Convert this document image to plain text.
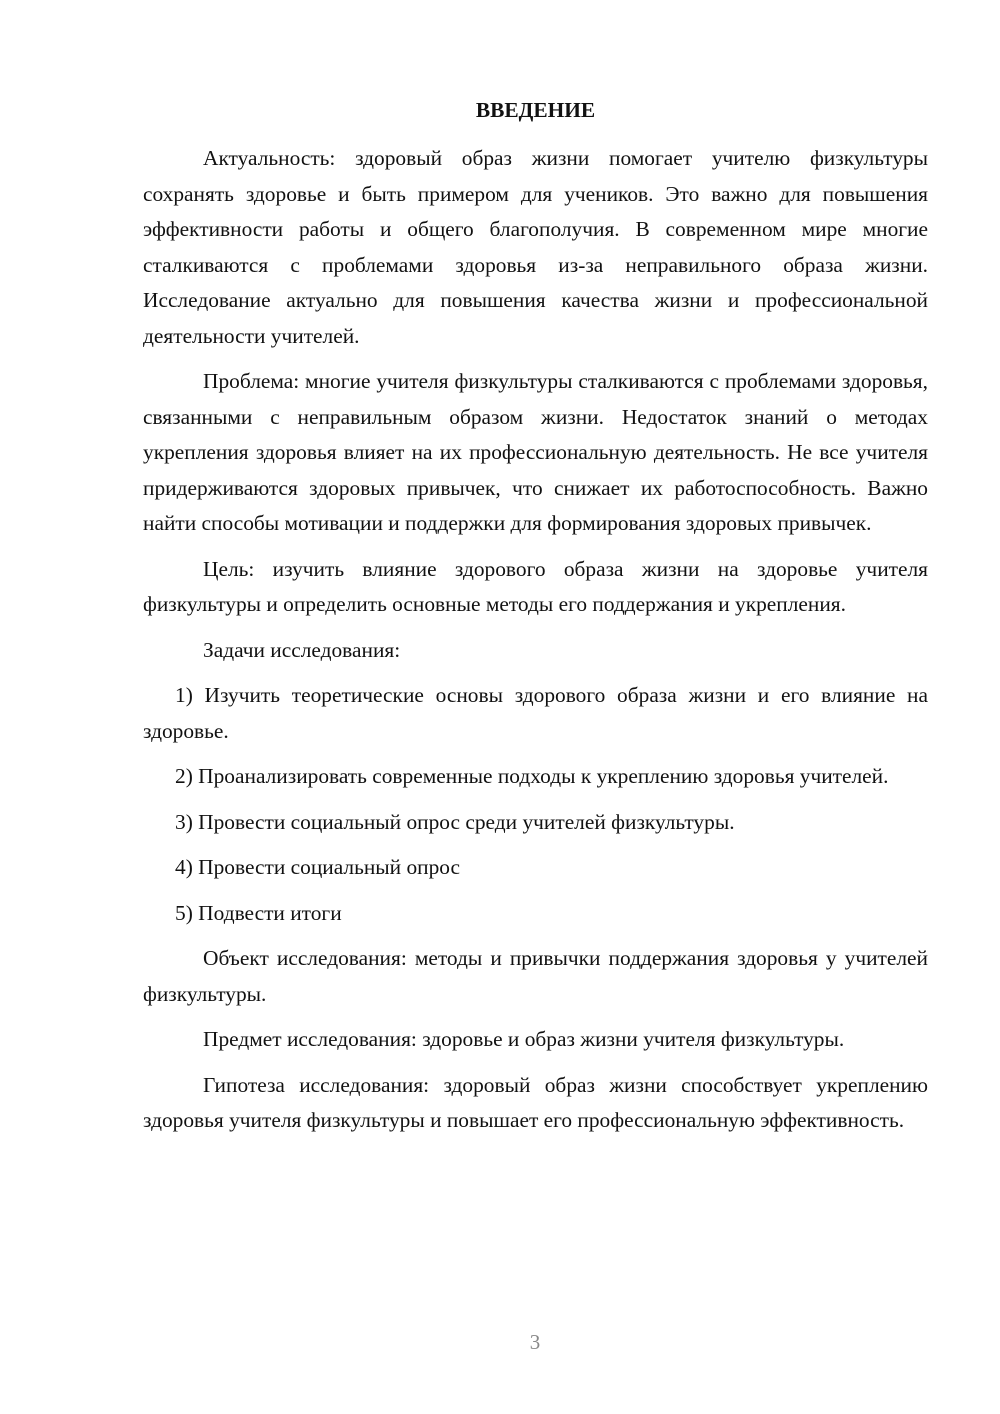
ВВЕДЕНИЕ

Актуальность: здоровый образ жизни помогает учителю физкультуры сохранять здоровье и быть примером для учеников. Это важно для повышения эффективности работы и общего благополучия. В современном мире многие сталкиваются с проблемами здоровья из-за неправильного образа жизни. Исследование актуально для повышения качества жизни и профессиональной деятельности учителей.

Проблема: многие учителя физкультуры сталкиваются с проблемами здоровья, связанными с неправильным образом жизни. Недостаток знаний о методах укрепления здоровья влияет на их профессиональную деятельность. Не все учителя придерживаются здоровых привычек, что снижает их работоспособность. Важно найти способы мотивации и поддержки для формирования здоровых привычек.

Цель: изучить влияние здорового образа жизни на здоровье учителя физкультуры и определить основные методы его поддержания и укрепления.

Задачи исследования:

1) Изучить теоретические основы здорового образа жизни и его влияние на здоровье.

2) Проанализировать современные подходы к укреплению здоровья учителей.

3) Провести социальный опрос среди учителей физкультуры.

4) Провести социальный опрос

5) Подвести итоги

Объект исследования: методы и привычки поддержания здоровья у учителей физкультуры.

Предмет исследования: здоровье и образ жизни учителя физкультуры.

Гипотеза исследования: здоровый образ жизни способствует укреплению здоровья учителя физкультуры и повышает его профессиональную эффективность.

3
